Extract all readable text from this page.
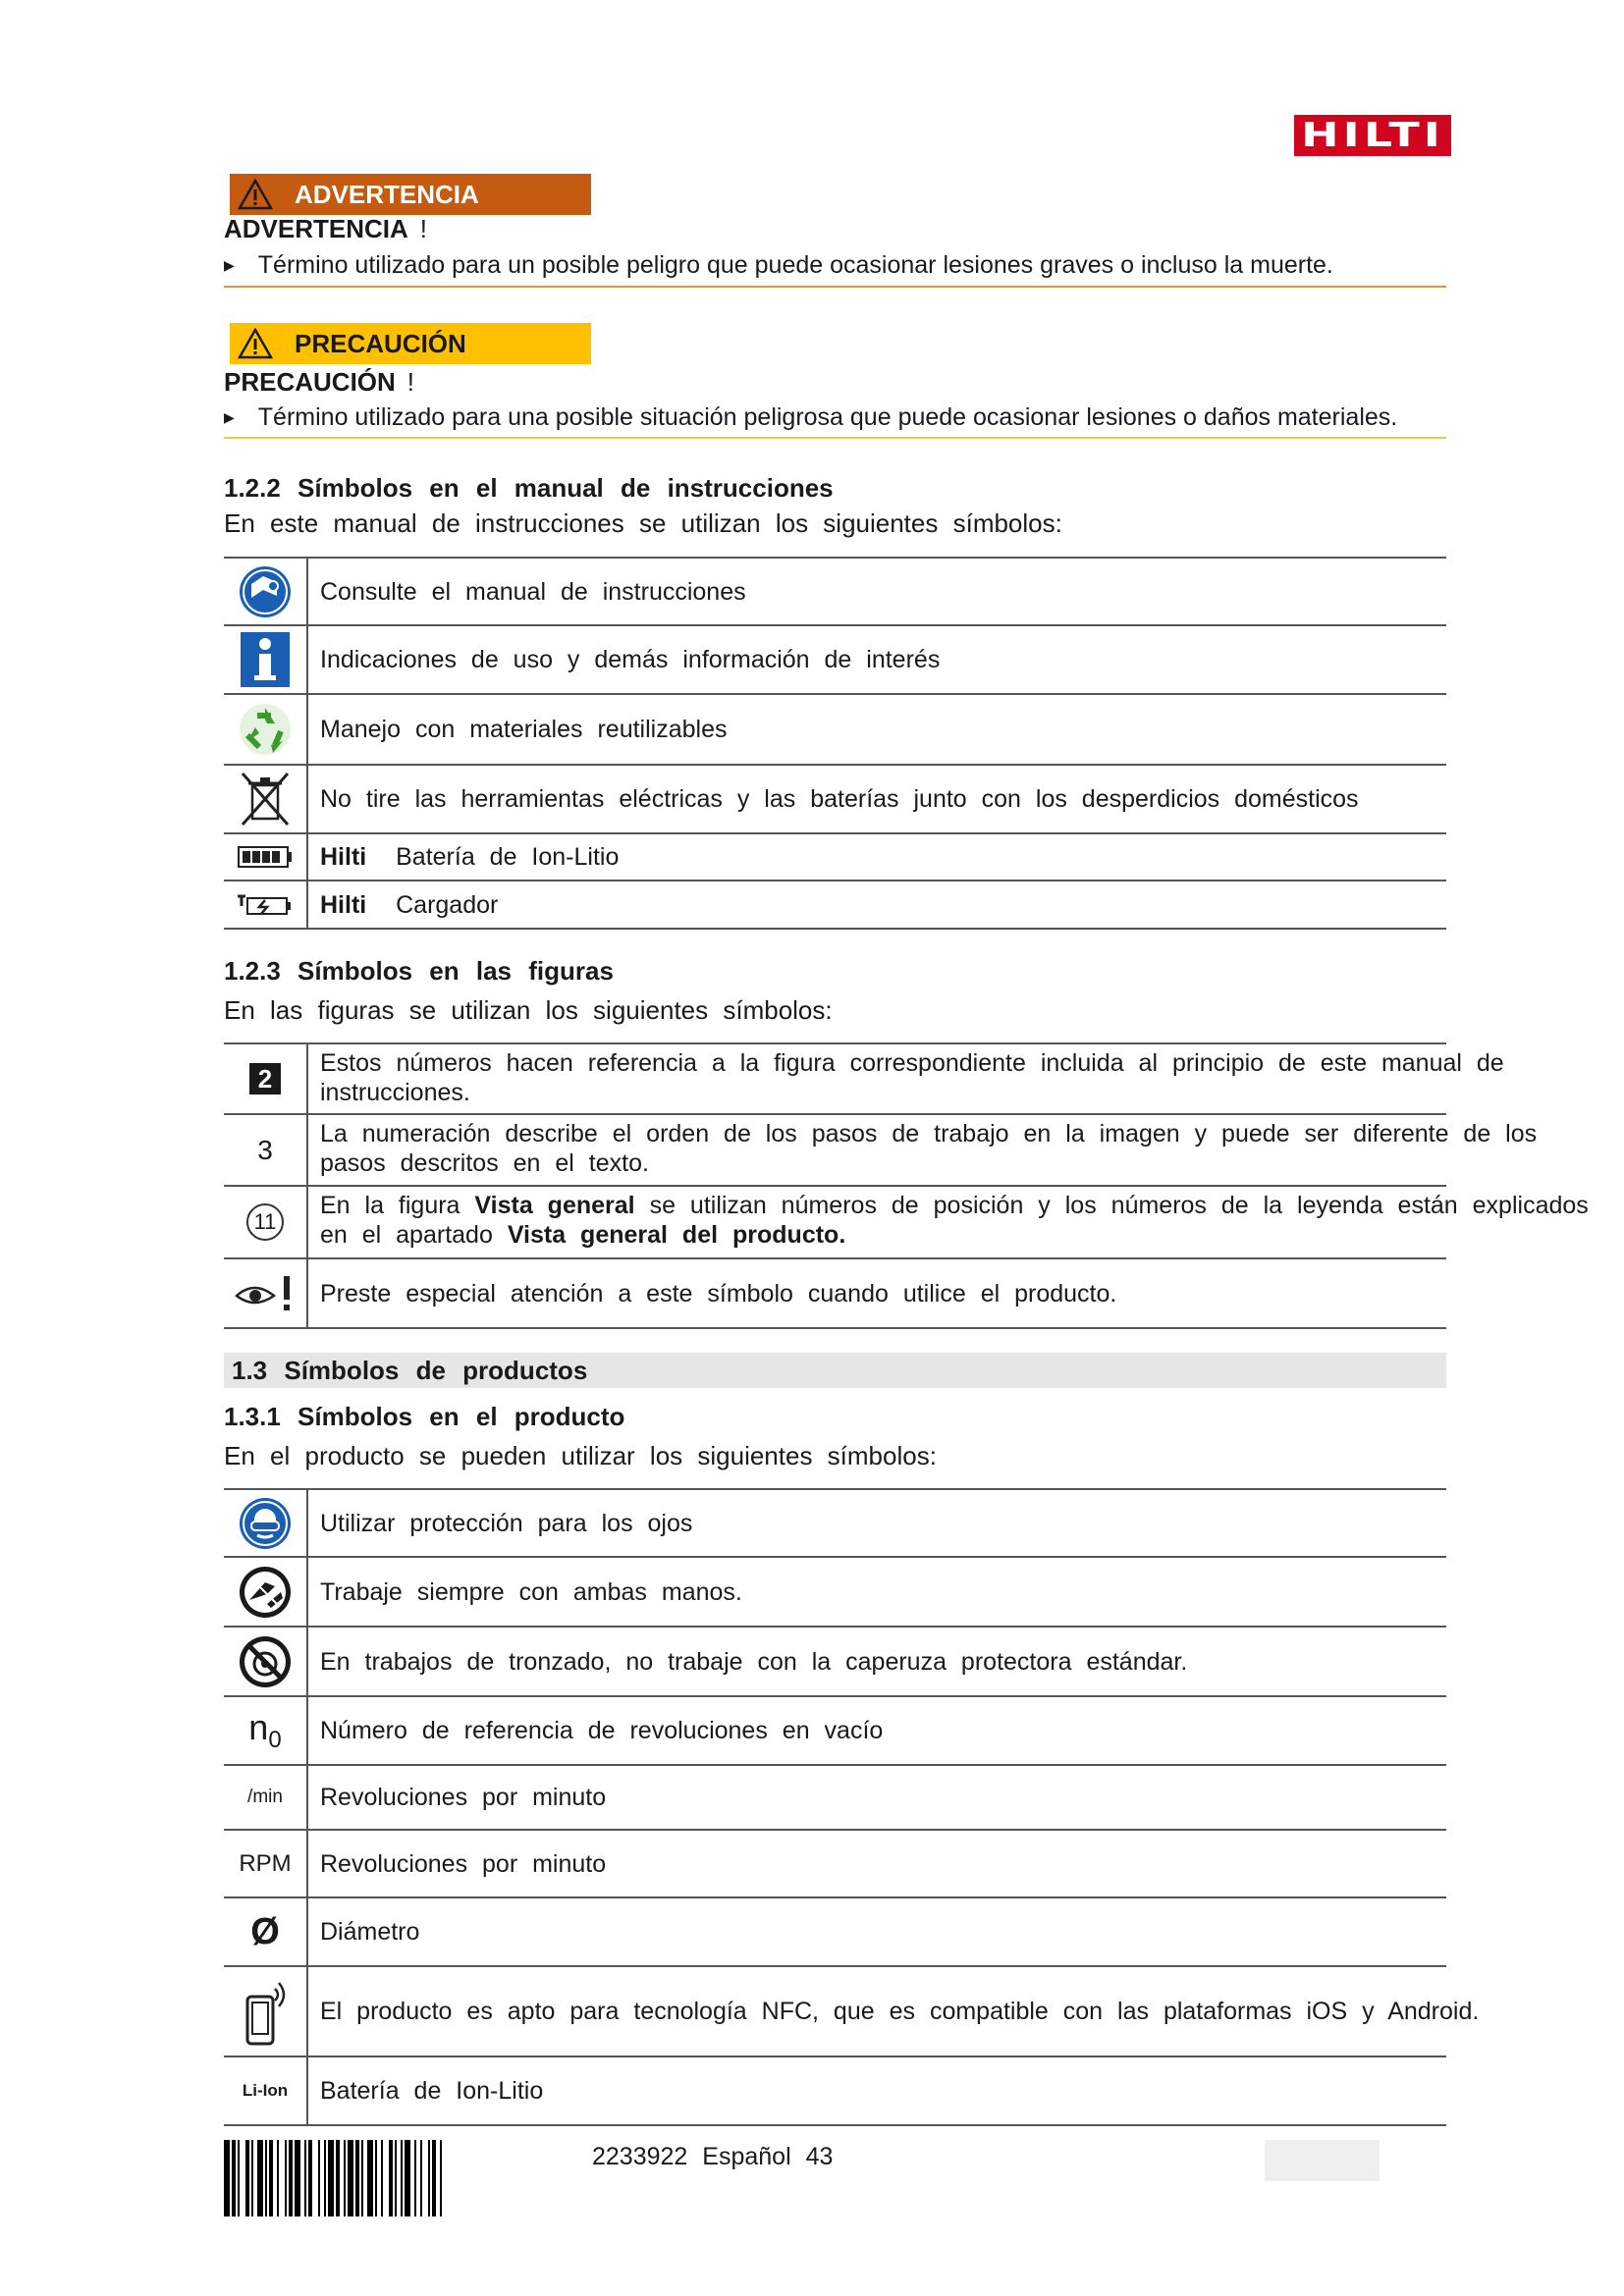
HILTI
ADVERTENCIA
ADVERTENCIA !
▶ Término utilizado para un posible peligro que puede ocasionar lesiones graves o incluso la muerte.
PRECAUCIÓN
PRECAUCIÓN !
▶ Término utilizado para una posible situación peligrosa que puede ocasionar lesiones o daños materiales.
1.2.2 Símbolos en el manual de instrucciones
En este manual de instrucciones se utilizan los siguientes símbolos:
Consulte el manual de instrucciones
Indicaciones de uso y demás información de interés
Manejo con materiales reutilizables
No tire las herramientas eléctricas y las baterías junto con los desperdicios domésticos
Hilti
Batería de Ion-Litio
Hilti
Cargador
1.2.3 Símbolos en las figuras
En las figuras se utilizan los siguientes símbolos:
2
Estos números hacen referencia a la figura correspondiente incluida al principio de este manual de instrucciones.
3
La numeración describe el orden de los pasos de trabajo en la imagen y puede ser diferente de los pasos descritos en el texto.
11
En la figura Vista general se utilizan números de posición y los números de la leyenda están explicados en el apartado Vista general del producto.
Preste especial atención a este símbolo cuando utilice el producto.
1.3 Símbolos de productos
1.3.1 Símbolos en el producto
En el producto se pueden utilizar los siguientes símbolos:
Utilizar protección para los ojos
Trabaje siempre con ambas manos.
En trabajos de tronzado, no trabaje con la caperuza protectora estándar.
$n_0$ Número de referencia de revoluciones en vacío
/min Revoluciones por minuto
RPM Revoluciones por minuto
Ø Diámetro
El producto es apto para tecnología NFC, que es compatible con las plataformas iOS y Android.
Li-Ion Batería de Ion-Litio
2233922 Español 43
